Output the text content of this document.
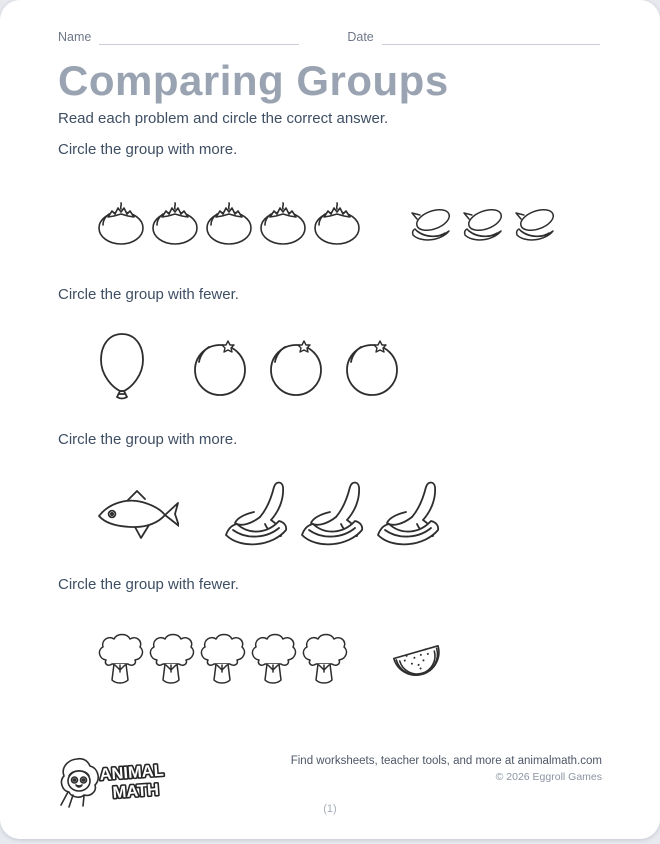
Name	Date
Comparing Groups
Read each problem and circle the correct answer.
Circle the group with more.
Circle the group with fewer.
Circle the group with more.
Circle the group with fewer.
ANIMAL
MATH
Find worksheets, teacher tools, and more at animalmath.com
© 2026 Eggroll Games
(1)
